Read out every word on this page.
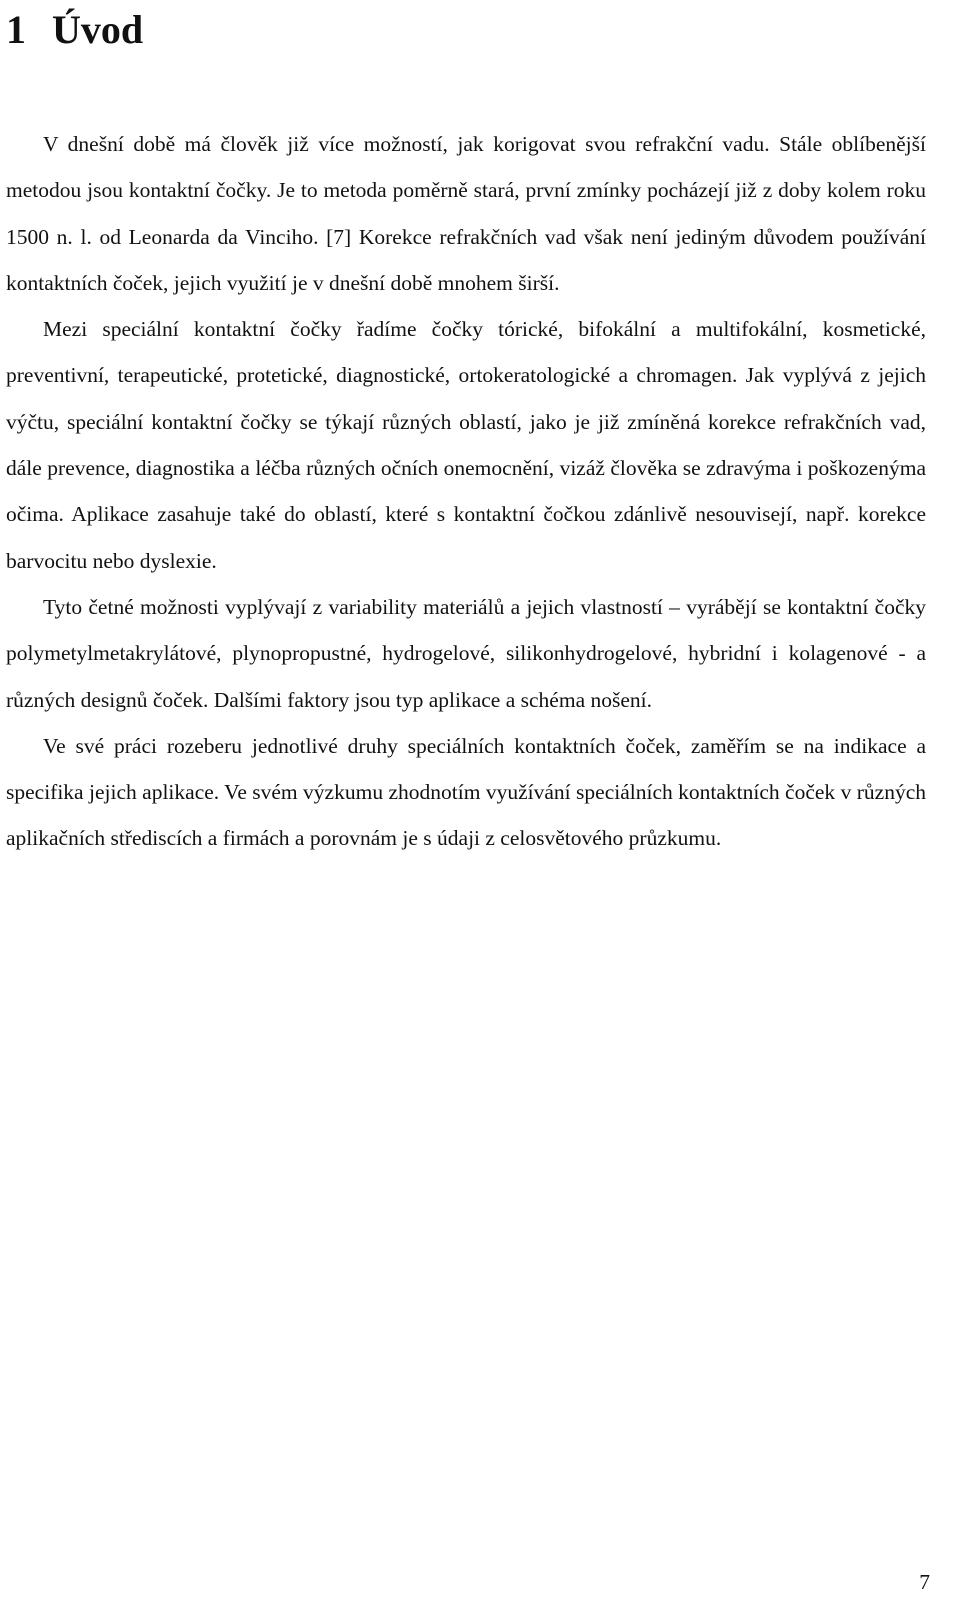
1 Úvod

V dnešní době má člověk již více možností, jak korigovat svou refrakční vadu. Stále oblíbenější metodou jsou kontaktní čočky. Je to metoda poměrně stará, první zmínky pocházejí již z doby kolem roku 1500 n. l. od Leonarda da Vinciho. [7] Korekce refrakčních vad však není jediným důvodem používání kontaktních čoček, jejich využití je v dnešní době mnohem širší.

Mezi speciální kontaktní čočky řadíme čočky tórické, bifokální a multifokální, kosmetické, preventivní, terapeutické, protetické, diagnostické, ortokeratologické a chromagen. Jak vyplývá z jejich výčtu, speciální kontaktní čočky se týkají různých oblastí, jako je již zmíněná korekce refrakčních vad, dále prevence, diagnostika a léčba různých očních onemocnění, vizáž člověka se zdravýma i poškozenýma očima. Aplikace zasahuje také do oblastí, které s kontaktní čočkou zdánlivě nesouvisejí, např. korekce barvocitu nebo dyslexie.

Tyto četné možnosti vyplývají z variability materiálů a jejich vlastností – vyrábějí se kontaktní čočky polymetylmetakrylátové, plynopropustné, hydrogelové, silikonhydrogelové, hybridní i kolagenové - a různých designů čoček. Dalšími faktory jsou typ aplikace a schéma nošení.

Ve své práci rozeberu jednotlivé druhy speciálních kontaktních čoček, zaměřím se na indikace a specifika jejich aplikace. Ve svém výzkumu zhodnotím využívání speciálních kontaktních čoček v různých aplikačních střediscích a firmách a porovnám je s údaji z celosvětového průzkumu.

7
